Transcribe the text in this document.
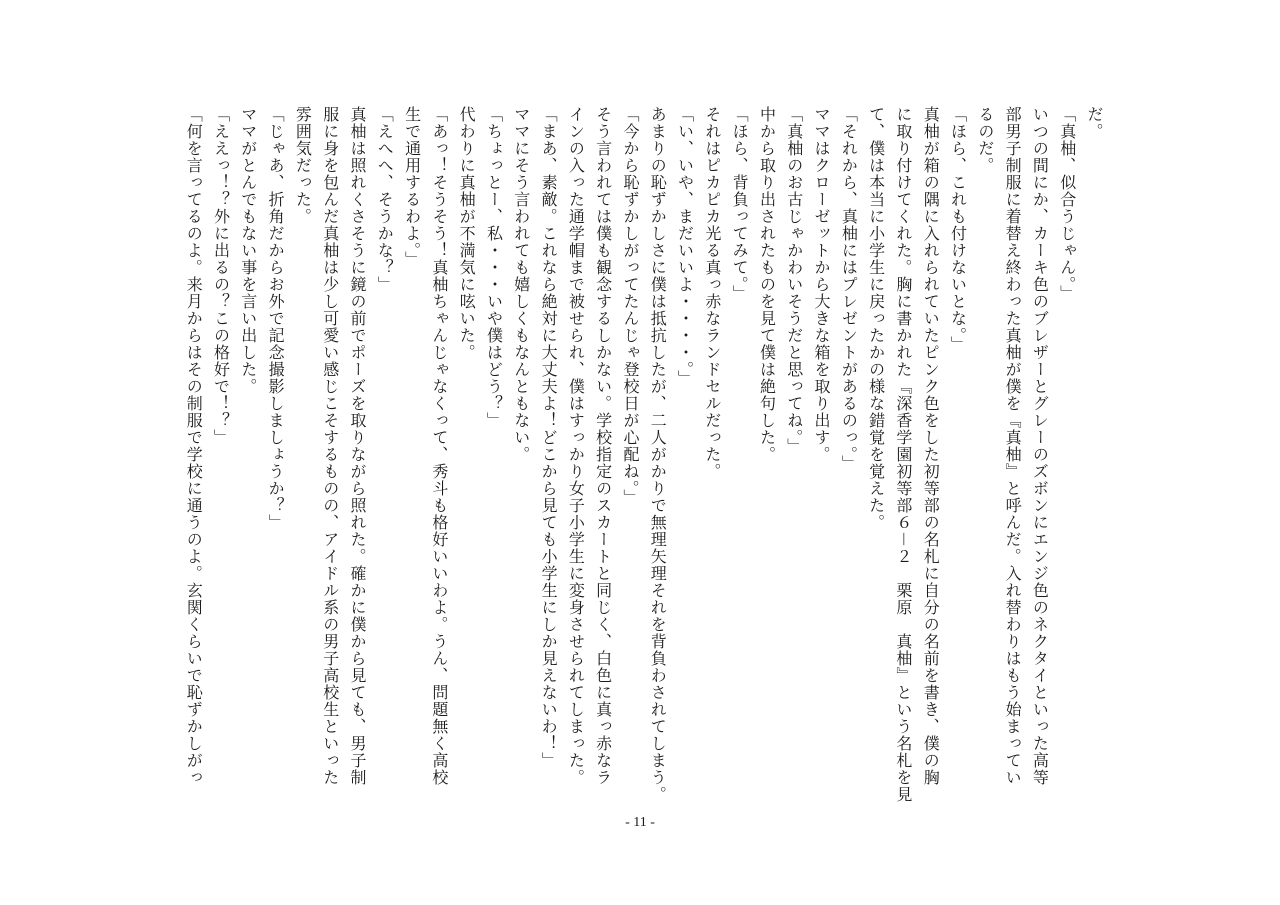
だ。
「真柚、似合うじゃん。」
いつの間にか、カーキ色のブレザーとグレーのズボンにエンジ色のネクタイといった高等
部男子制服に着替え終わった真柚が僕を『真柚』と呼んだ。入れ替わりはもう始まってい
るのだ。
「ほら、これも付けないとな。」
真柚が箱の隅に入れられていたピンク色をした初等部の名札に自分の名前を書き、僕の胸
に取り付けてくれた。胸に書かれた『深香学園初等部６－２　栗原　真柚』という名札を見
て、僕は本当に小学生に戻ったかの様な錯覚を覚えた。
「それから、真柚にはプレゼントがあるのっ。」
ママはクローゼットから大きな箱を取り出す。
「真柚のお古じゃかわいそうだと思ってね。」
中から取り出されたものを見て僕は絶句した。
「ほら、背負ってみて。」
それはピカピカ光る真っ赤なランドセルだった。
「い、いや、まだいいよ・・・・。」
あまりの恥ずかしさに僕は抵抗したが、二人がかりで無理矢理それを背負わされてしまう。
「今から恥ずかしがってたんじゃ登校日が心配ね。」
そう言われては僕も観念するしかない。学校指定のスカートと同じく、白色に真っ赤なラ
インの入った通学帽まで被せられ、僕はすっかり女子小学生に変身させられてしまった。
「まあ、素敵。これなら絶対に大丈夫よ！どこから見ても小学生にしか見えないわ！」
ママにそう言われても嬉しくもなんともない。
「ちょっとー、私・・・いや僕はどう？」
代わりに真柚が不満気に呟いた。
「あっ！そうそう！真柚ちゃんじゃなくって、秀斗も格好いいわよ。うん、問題無く高校
生で通用するわよ。」
「えへへ、そうかな？」
真柚は照れくさそうに鏡の前でポーズを取りながら照れた。確かに僕から見ても、男子制
服に身を包んだ真柚は少し可愛い感じこそするものの、アイドル系の男子高校生といった
雰囲気だった。
「じゃあ、折角だからお外で記念撮影しましょうか？」
ママがとんでもない事を言い出した。
「ええっ！？外に出るの？この格好で！？」
「何を言ってるのよ。来月からはその制服で学校に通うのよ。玄関くらいで恥ずかしがっ
- 11 -
